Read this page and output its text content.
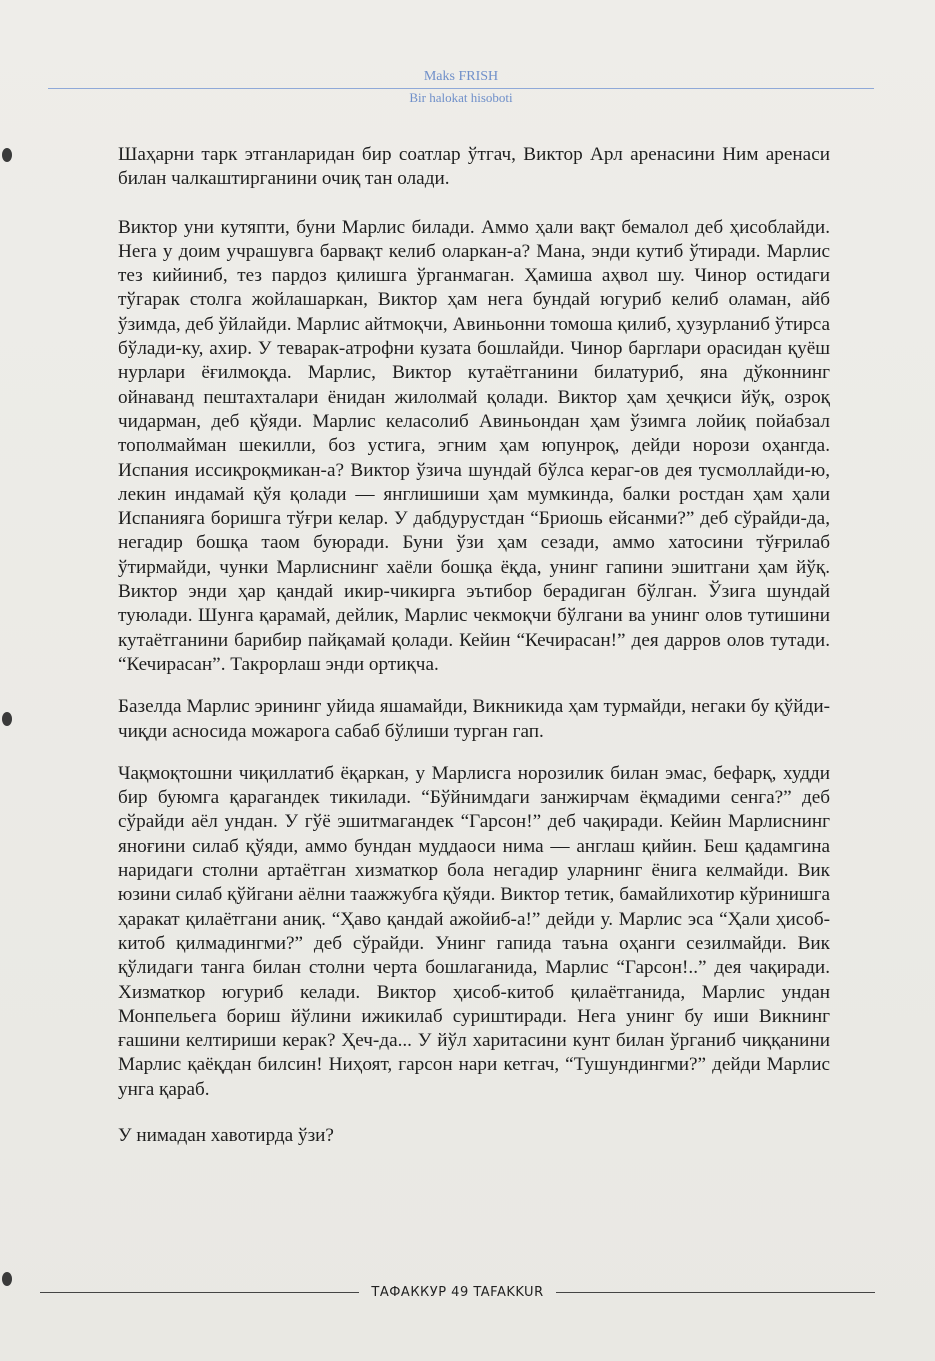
Maks FRISH
Bir halokat hisoboti

Шаҳарни тарк этганларидан бир соатлар ўтгач, Виктор Арл аренасини Ним аренаси билан чалкаштирганини очиқ тан олади.

Виктор уни кутяпти, буни Марлис билади. Аммо ҳали вақт бемалол деб ҳисоблайди. Нега у доим учрашувга барвақт келиб оларкан-а? Мана, энди кутиб ўтиради. Марлис тез кийиниб, тез пардоз қилишга ўрганмаган. Ҳамиша аҳвол шу. Чинор остидаги тўгарак столга жойлашаркан, Виктор ҳам нега бундай югуриб келиб оламан, айб ўзимда, деб ўйлайди. Марлис айтмоқчи, Авиньонни томоша қилиб, ҳузурланиб ўтирса бўлади-ку, ахир. У теварак-атрофни кузата бошлайди. Чинор барглари орасидан қуёш нурлари ёғилмоқда. Марлис, Виктор кутаётганини билатуриб, яна дўконнинг ойнаванд пештахталари ёнидан жилолмай қолади. Виктор ҳам ҳечқиси йўқ, озроқ чидарман, деб қўяди. Марлис келасолиб Авиньондан ҳам ўзимга лойиқ пойабзал тополмайман шекилли, боз устига, эгним ҳам юпунроқ, дейди норози оҳангда. Испания иссиқроқмикан-а? Виктор ўзича шундай бўлса кераг-ов дея тусмоллайди-ю, лекин индамай қўя қолади — янглишиши ҳам мумкинда, балки ростдан ҳам ҳали Испанияга боришга тўғри келар. У дабдурустдан “Бриошь ейсанми?” деб сўрайди-да, негадир бошқа таом буюради. Буни ўзи ҳам сезади, аммо хатосини тўғрилаб ўтирмайди, чунки Марлиснинг хаёли бошқа ёқда, унинг гапини эшитгани ҳам йўқ. Виктор энди ҳар қандай икир-чикирга эътибор берадиган бўлган. Ўзига шундай туюлади. Шунга қарамай, дейлик, Марлис чекмоқчи бўлгани ва унинг олов тутишини кутаётганини барибир пайқамай қолади. Кейин “Кечирасан!” дея дарров олов тутади. “Кечирасан”. Такрорлаш энди ортиқча.

Базелда Марлис эрининг уйида яшамайди, Викникида ҳам турмайди, негаки бу қўйди-чиқди асносида можарога сабаб бўлиши турган гап.

Чақмоқтошни чиқиллатиб ёқаркан, у Марлисга норозилик билан эмас, бефарқ, худди бир буюмга қарагандек тикилади. “Бўйнимдаги занжирчам ёқмадими сенга?” деб сўрайди аёл ундан. У гўё эшитмагандек “Гарсон!” деб чақиради. Кейин Марлиснинг яноғини силаб қўяди, аммо бундан муддаоси нима — англаш қийин. Беш қадамгина наридаги столни артаётган хизматкор бола негадир уларнинг ёнига келмайди. Вик юзини силаб қўйгани аёлни таажжубга қўяди. Виктор тетик, бамайлихотир кўринишга ҳаракат қилаётгани аниқ. “Ҳаво қандай ажойиб-а!” дейди у. Марлис эса “Ҳали ҳисоб-китоб қилмадингми?” деб сўрайди. Унинг гапида таъна оҳанги сезилмайди. Вик қўлидаги танга билан столни черта бошлаганида, Марлис “Гарсон!..” дея чақиради. Хизматкор югуриб келади. Виктор ҳисоб-китоб қилаётганида, Марлис ундан Монпельега бориш йўлини ижикилаб суриштиради. Нега унинг бу иши Викнинг ғашини келтириши керак? Ҳеч-да... У йўл харитасини кунт билан ўрганиб чиққанини Марлис қаёқдан билсин! Ниҳоят, гарсон нари кетгач, “Тушундингми?” дейди Марлис унга қараб.

У нимадан хавотирда ўзи?

ТАФАККУР 49 TAFAKKUR
